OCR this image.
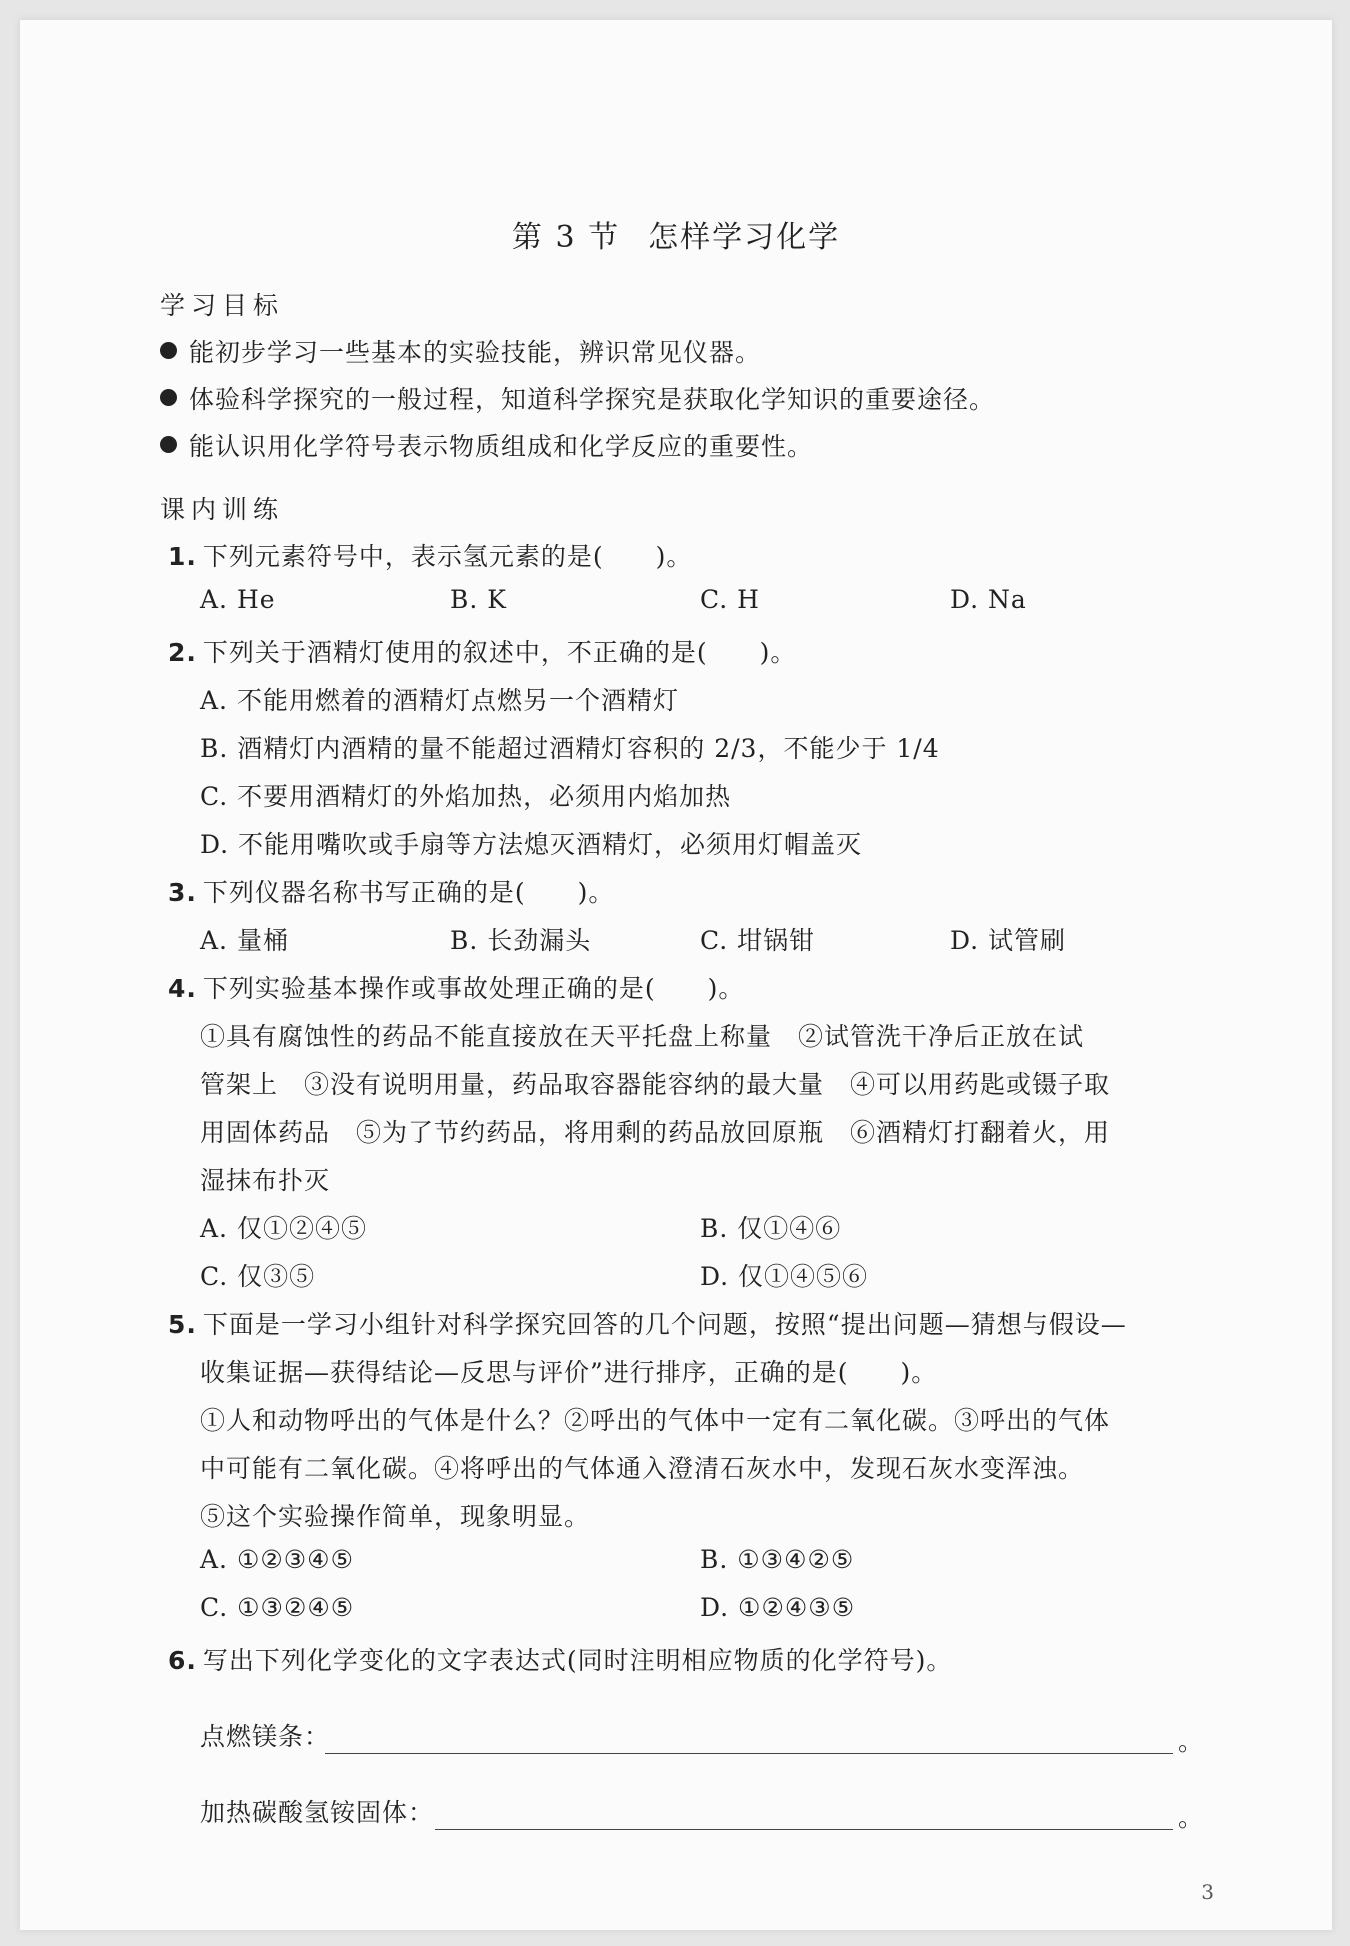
第 3 节 怎样学习化学
学习目标
能初步学习一些基本的实验技能，辨识常见仪器。
体验科学探究的一般过程，知道科学探究是获取化学知识的重要途径。
能认识用化学符号表示物质组成和化学反应的重要性。
课内训练
1. 下列元素符号中，表示氢元素的是(　　)。
A. He	B. K	C. H	D. Na
2. 下列关于酒精灯使用的叙述中，不正确的是(　　)。
A. 不能用燃着的酒精灯点燃另一个酒精灯
B. 酒精灯内酒精的量不能超过酒精灯容积的 2/3，不能少于 1/4
C. 不要用酒精灯的外焰加热，必须用内焰加热
D. 不能用嘴吹或手扇等方法熄灭酒精灯，必须用灯帽盖灭
3. 下列仪器名称书写正确的是(　　)。
A. 量桶	B. 长劲漏头	C. 坩锅钳	D. 试管刷
4. 下列实验基本操作或事故处理正确的是(　　)。
①具有腐蚀性的药品不能直接放在天平托盘上称量　②试管洗干净后正放在试
管架上　③没有说明用量，药品取容器能容纳的最大量　④可以用药匙或镊子取
用固体药品　⑤为了节约药品，将用剩的药品放回原瓶　⑥酒精灯打翻着火，用
湿抹布扑灭
A. 仅①②④⑤	B. 仅①④⑥
C. 仅③⑤	D. 仅①④⑤⑥
5. 下面是一学习小组针对科学探究回答的几个问题，按照“提出问题—猜想与假设—
收集证据—获得结论—反思与评价”进行排序，正确的是(　　)。
①人和动物呼出的气体是什么？②呼出的气体中一定有二氧化碳。③呼出的气体
中可能有二氧化碳。④将呼出的气体通入澄清石灰水中，发现石灰水变浑浊。
⑤这个实验操作简单，现象明显。
A. ①②③④⑤	B. ①③④②⑤
C. ①③②④⑤	D. ①②④③⑤
6. 写出下列化学变化的文字表达式(同时注明相应物质的化学符号)。
点燃镁条：	。
加热碳酸氢铵固体：	。
3
